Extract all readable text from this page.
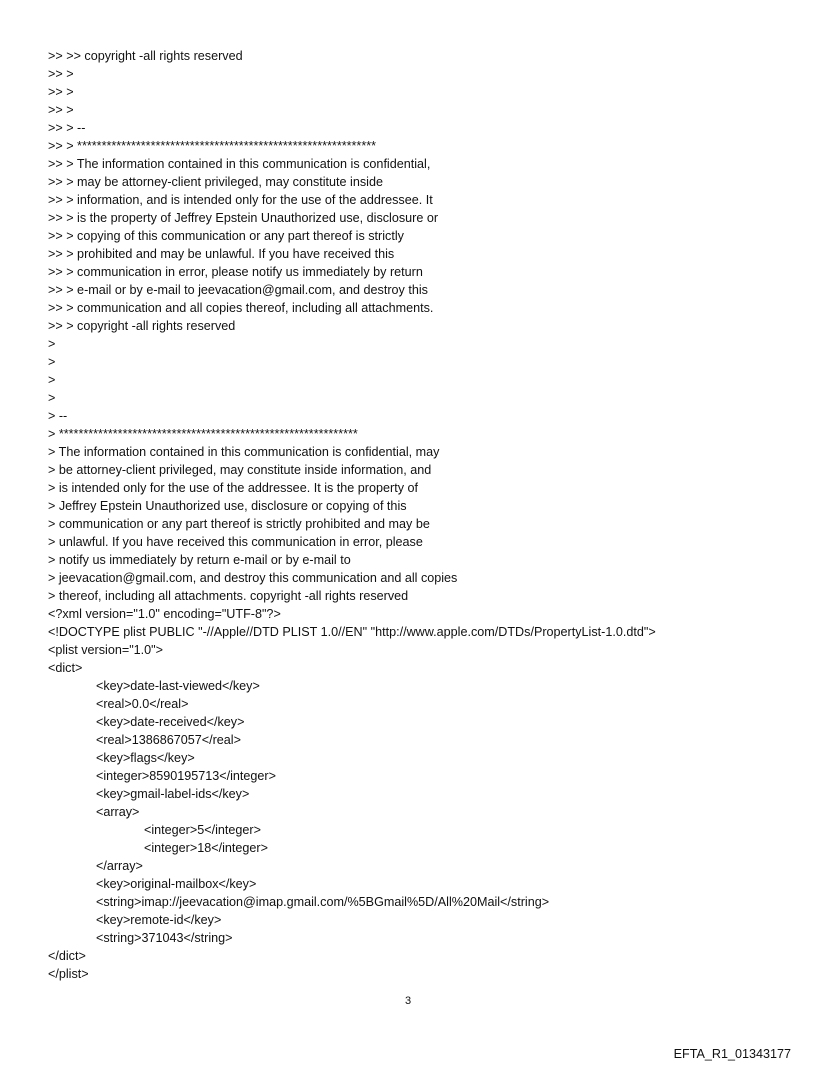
>> >> copyright -all rights reserved
>> >
>> >
>> >
>> > --
>> > *************************************************************
>> > The information contained in this communication is confidential,
>> > may be attorney-client privileged, may constitute inside
>> > information, and is intended only for the use of the addressee. It
>> > is the property of Jeffrey Epstein Unauthorized use, disclosure or
>> > copying of this communication or any part thereof is strictly
>> > prohibited and may be unlawful. If you have received this
>> > communication in error, please notify us immediately by return
>> > e-mail or by e-mail to jeevacation@gmail.com, and destroy this
>> > communication and all copies thereof, including all attachments.
>> > copyright -all rights reserved
>
>
>
>
> --
> *************************************************************
> The information contained in this communication is confidential, may
> be attorney-client privileged, may constitute inside information, and
> is intended only for the use of the addressee. It is the property of
> Jeffrey Epstein Unauthorized use, disclosure or copying of this
> communication or any part thereof is strictly prohibited and may be
> unlawful. If you have received this communication in error, please
> notify us immediately by return e-mail or by e-mail to
> jeevacation@gmail.com, and destroy this communication and all copies
> thereof, including all attachments. copyright -all rights reserved
<?xml version="1.0" encoding="UTF-8"?>
<!DOCTYPE plist PUBLIC "-//Apple//DTD PLIST 1.0//EN" "http://www.apple.com/DTDs/PropertyList-1.0.dtd">
<plist version="1.0">
<dict>
<key>date-last-viewed</key>
<real>0.0</real>
<key>date-received</key>
<real>1386867057</real>
<key>flags</key>
<integer>8590195713</integer>
<key>gmail-label-ids</key>
<array>
<integer>5</integer>
<integer>18</integer>
</array>
<key>original-mailbox</key>
<string>imap://jeevacation@imap.gmail.com/%5BGmail%5D/All%20Mail</string>
<key>remote-id</key>
<string>371043</string>
</dict>
</plist>
3
EFTA_R1_01343177
